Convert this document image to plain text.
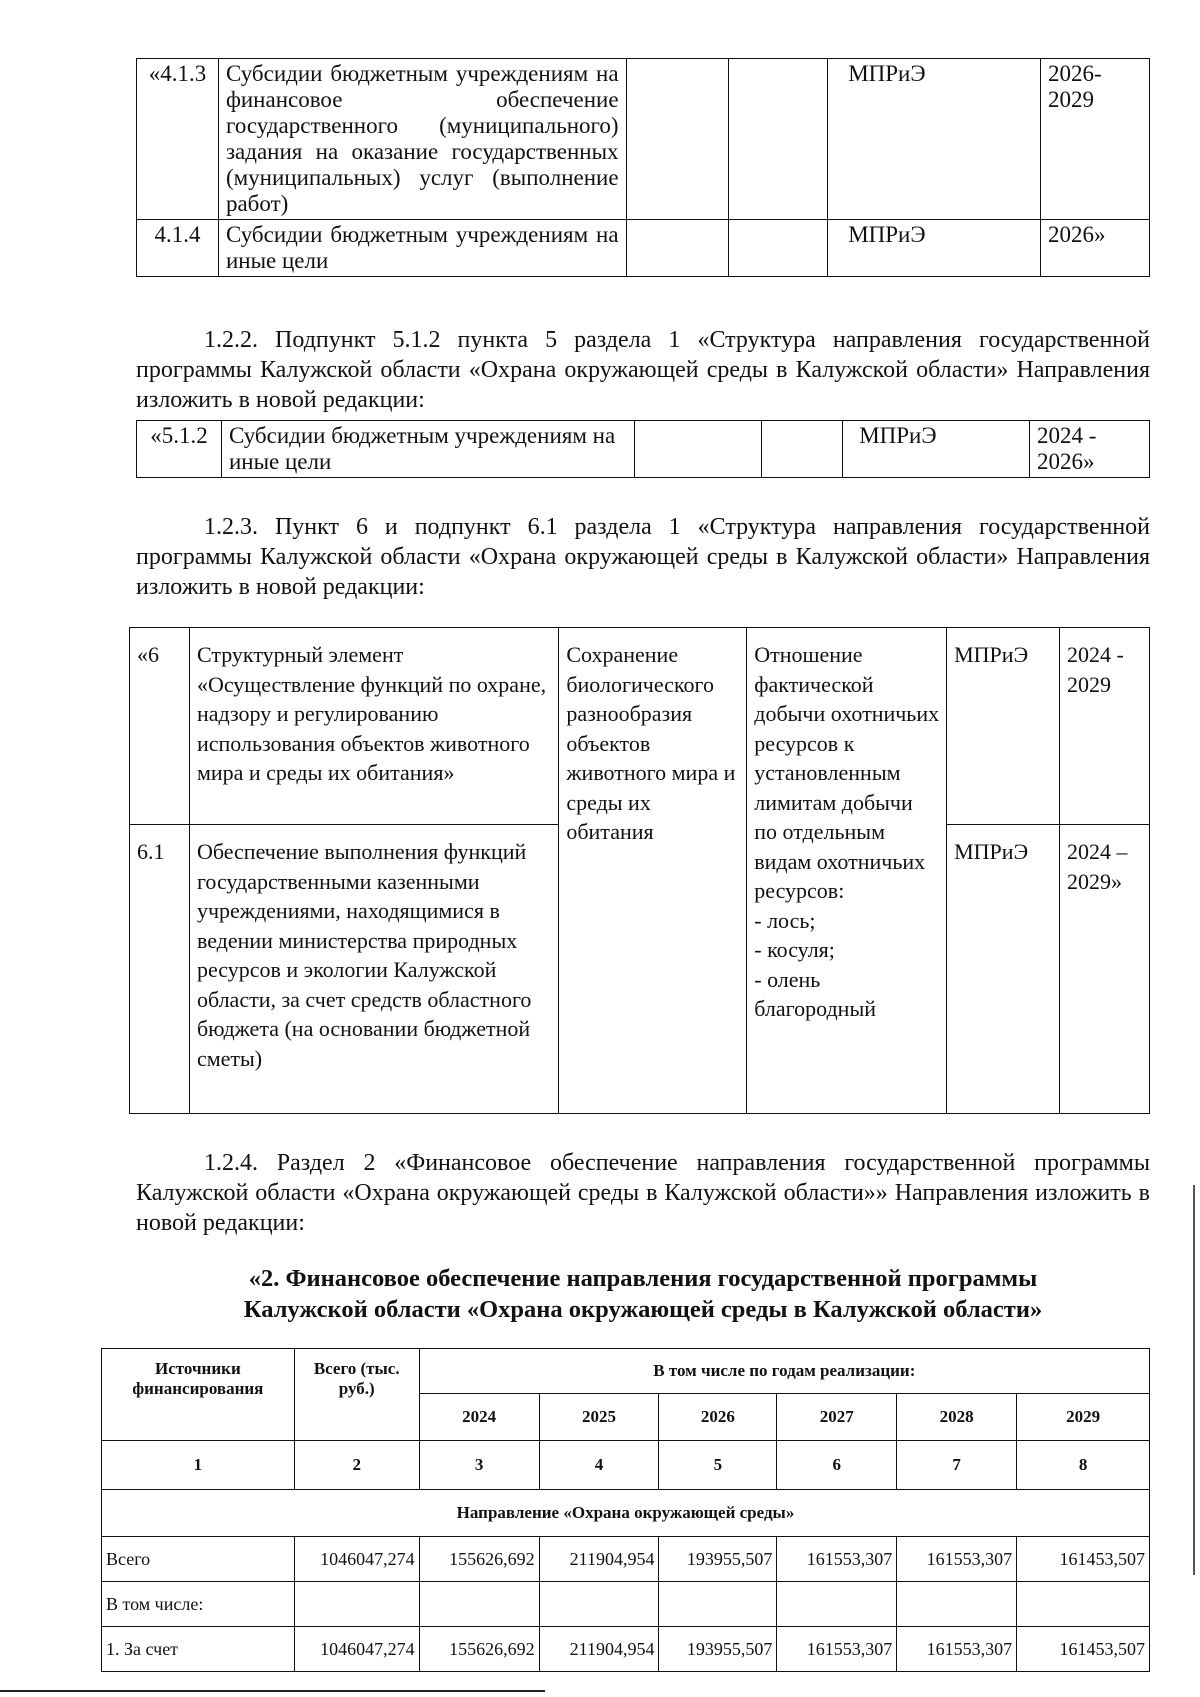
«4.1.3	Субсидии бюджетным учреждениям на финансовое обеспечение государственного (муниципального) задания на оказание государственных (муниципальных) услуг (выполнение работ)			МПРиЭ	2026-2029
4.1.4	Субсидии бюджетным учреждениям на иные цели			МПРиЭ	2026»

1.2.2. Подпункт 5.1.2 пункта 5 раздела 1 «Структура направления государственной программы Калужской области «Охрана окружающей среды в Калужской области» Направления изложить в новой редакции:

«5.1.2	Субсидии бюджетным учреждениям на иные цели			МПРиЭ	2024 - 2026»

1.2.3. Пункт 6 и подпункт 6.1 раздела 1 «Структура направления государственной программы Калужской области «Охрана окружающей среды в Калужской области» Направления изложить в новой редакции:

«6	Структурный элемент «Осуществление функций по охране, надзору и регулированию использования объектов животного мира и среды их обитания»	Сохранение биологического разнообразия объектов животного мира и среды их обитания	Отношение фактической добычи охотничьих ресурсов к установленным лимитам добычи по отдельным видам охотничьих ресурсов:
- лось;
- косуля;
- олень благородный	МПРиЭ	2024 - 2029
6.1	Обеспечение выполнения функций государственными казенными учреждениями, находящимися в ведении министерства природных ресурсов и экологии Калужской области, за счет средств областного бюджета (на основании бюджетной сметы)			МПРиЭ	2024 – 2029»

1.2.4. Раздел 2 «Финансовое обеспечение направления государственной программы Калужской области «Охрана окружающей среды в Калужской области»» Направления изложить в новой редакции:

«2. Финансовое обеспечение направления государственной программы
Калужской области «Охрана окружающей среды в Калужской области»
Источники финансирования	Всего (тыс. руб.)	В том числе по годам реализации:					
		2024	2025	2026	2027	2028	2029
1	2	3	4	5	6	7	8
Направление «Охрана окружающей среды»							
Всего	1046047,274	155626,692	211904,954	193955,507	161553,307	161553,307	161453,507
В том числе:							
1. За счет	1046047,274	155626,692	211904,954	193955,507	161553,307	161553,307	161453,507
